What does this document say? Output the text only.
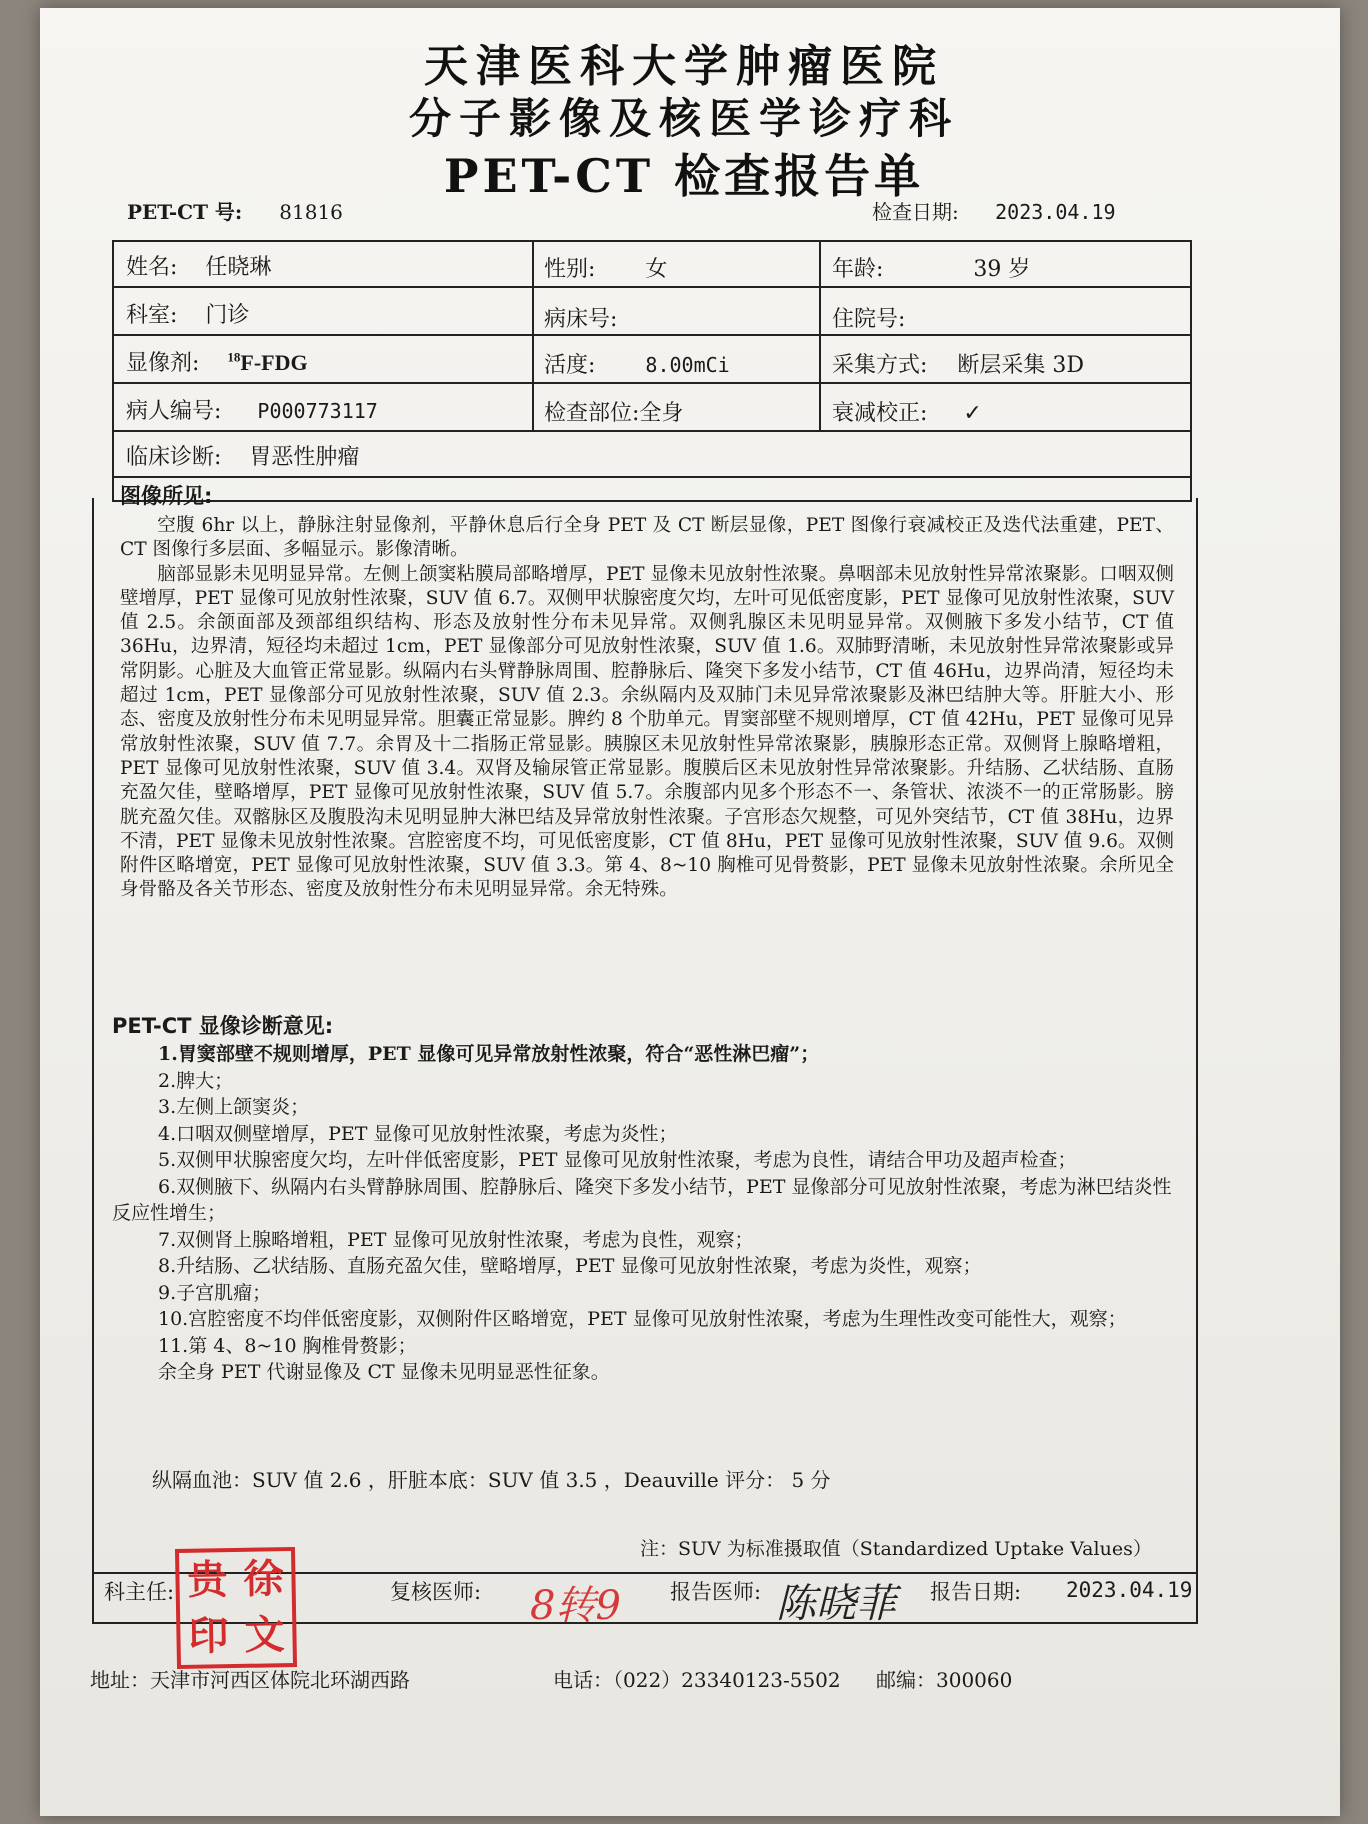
天津医科大学肿瘤医院
分子影像及核医学诊疗科
PET-CT 检查报告单
PET-CT 号: 81816	检查日期: 2023.04.19
姓名: 任晓琳	性别: 女	年龄:	39 岁
科室: 门诊	病床号:	住院号:
显像剂: $^{18}$F-FDG	活度:	8.00mCi	采集方式: 断层采集 3D
病人编号: P000773117	检查部位:全身	衰减校正: ✓
临床诊断: 胃恶性肿瘤
图像所见:

空腹 6hr 以上，静脉注射显像剂，平静休息后行全身 PET 及 CT 断层显像，PET 图像行衰减校正及迭代法重建，PET、CT 图像行多层面、多幅显示。影像清晰。

脑部显影未见明显异常。左侧上颌窦粘膜局部略增厚，PET 显像未见放射性浓聚。鼻咽部未见放射性异常浓聚影。口咽双侧壁增厚，PET 显像可见放射性浓聚，SUV 值 6.7。双侧甲状腺密度欠均，左叶可见低密度影，PET 显像可见放射性浓聚，SUV 值 2.5。余颌面部及颈部组织结构、形态及放射性分布未见异常。双侧乳腺区未见明显异常。双侧腋下多发小结节，CT 值 36Hu，边界清，短径均未超过 1cm，PET 显像部分可见放射性浓聚，SUV 值 1.6。双肺野清晰，未见放射性异常浓聚影或异常阴影。心脏及大血管正常显影。纵隔内右头臂静脉周围、腔静脉后、隆突下多发小结节，CT 值 46Hu，边界尚清，短径均未超过 1cm，PET 显像部分可见放射性浓聚，SUV 值 2.3。余纵隔内及双肺门未见异常浓聚影及淋巴结肿大等。肝脏大小、形态、密度及放射性分布未见明显异常。胆囊正常显影。脾约 8 个肋单元。胃窦部壁不规则增厚，CT 值 42Hu，PET 显像可见异常放射性浓聚，SUV 值 7.7。余胃及十二指肠正常显影。胰腺区未见放射性异常浓聚影，胰腺形态正常。双侧肾上腺略增粗，PET 显像可见放射性浓聚，SUV 值 3.4。双肾及输尿管正常显影。腹膜后区未见放射性异常浓聚影。升结肠、乙状结肠、直肠充盈欠佳，壁略增厚，PET 显像可见放射性浓聚，SUV 值 5.7。余腹部内见多个形态不一、条管状、浓淡不一的正常肠影。膀胱充盈欠佳。双髂脉区及腹股沟未见明显肿大淋巴结及异常放射性浓聚。子宫形态欠规整，可见外突结节，CT 值 38Hu，边界不清，PET 显像未见放射性浓聚。宫腔密度不均，可见低密度影，CT 值 8Hu，PET 显像可见放射性浓聚，SUV 值 9.6。双侧附件区略增宽，PET 显像可见放射性浓聚，SUV 值 3.3。第 4、8~10 胸椎可见骨赘影，PET 显像未见放射性浓聚。余所见全身骨骼及各关节形态、密度及放射性分布未见明显异常。余无特殊。

PET-CT 显像诊断意见:

1.胃窦部壁不规则增厚，PET 显像可见异常放射性浓聚，符合“恶性淋巴瘤”；

2.脾大；

3.左侧上颌窦炎；

4.口咽双侧壁增厚，PET 显像可见放射性浓聚，考虑为炎性；

5.双侧甲状腺密度欠均，左叶伴低密度影，PET 显像可见放射性浓聚，考虑为良性，请结合甲功及超声检查；

6.双侧腋下、纵隔内右头臂静脉周围、腔静脉后、隆突下多发小结节，PET 显像部分可见放射性浓聚，考虑为淋巴结炎性反应性增生；

7.双侧肾上腺略增粗，PET 显像可见放射性浓聚，考虑为良性，观察；

8.升结肠、乙状结肠、直肠充盈欠佳，壁略增厚，PET 显像可见放射性浓聚，考虑为炎性，观察；

9.子宫肌瘤；

10.宫腔密度不均伴低密度影，双侧附件区略增宽，PET 显像可见放射性浓聚，考虑为生理性改变可能性大，观察；

11.第 4、8~10 胸椎骨赘影；

余全身 PET 代谢显像及 CT 显像未见明显恶性征象。

纵隔血池：SUV 值 2.6 ，肝脏本底：SUV 值 3.5 ，Deauville 评分： 5 分
注：SUV 为标准摄取值（Standardized Uptake Values）
科主任: 贵 徐
印 文
复核医师: 8转9 报告医师: 陈晓菲 报告日期: 2023.04.19
地址：天津市河西区体院北环湖西路	电话：（022）23340123-5502 邮编：300060
